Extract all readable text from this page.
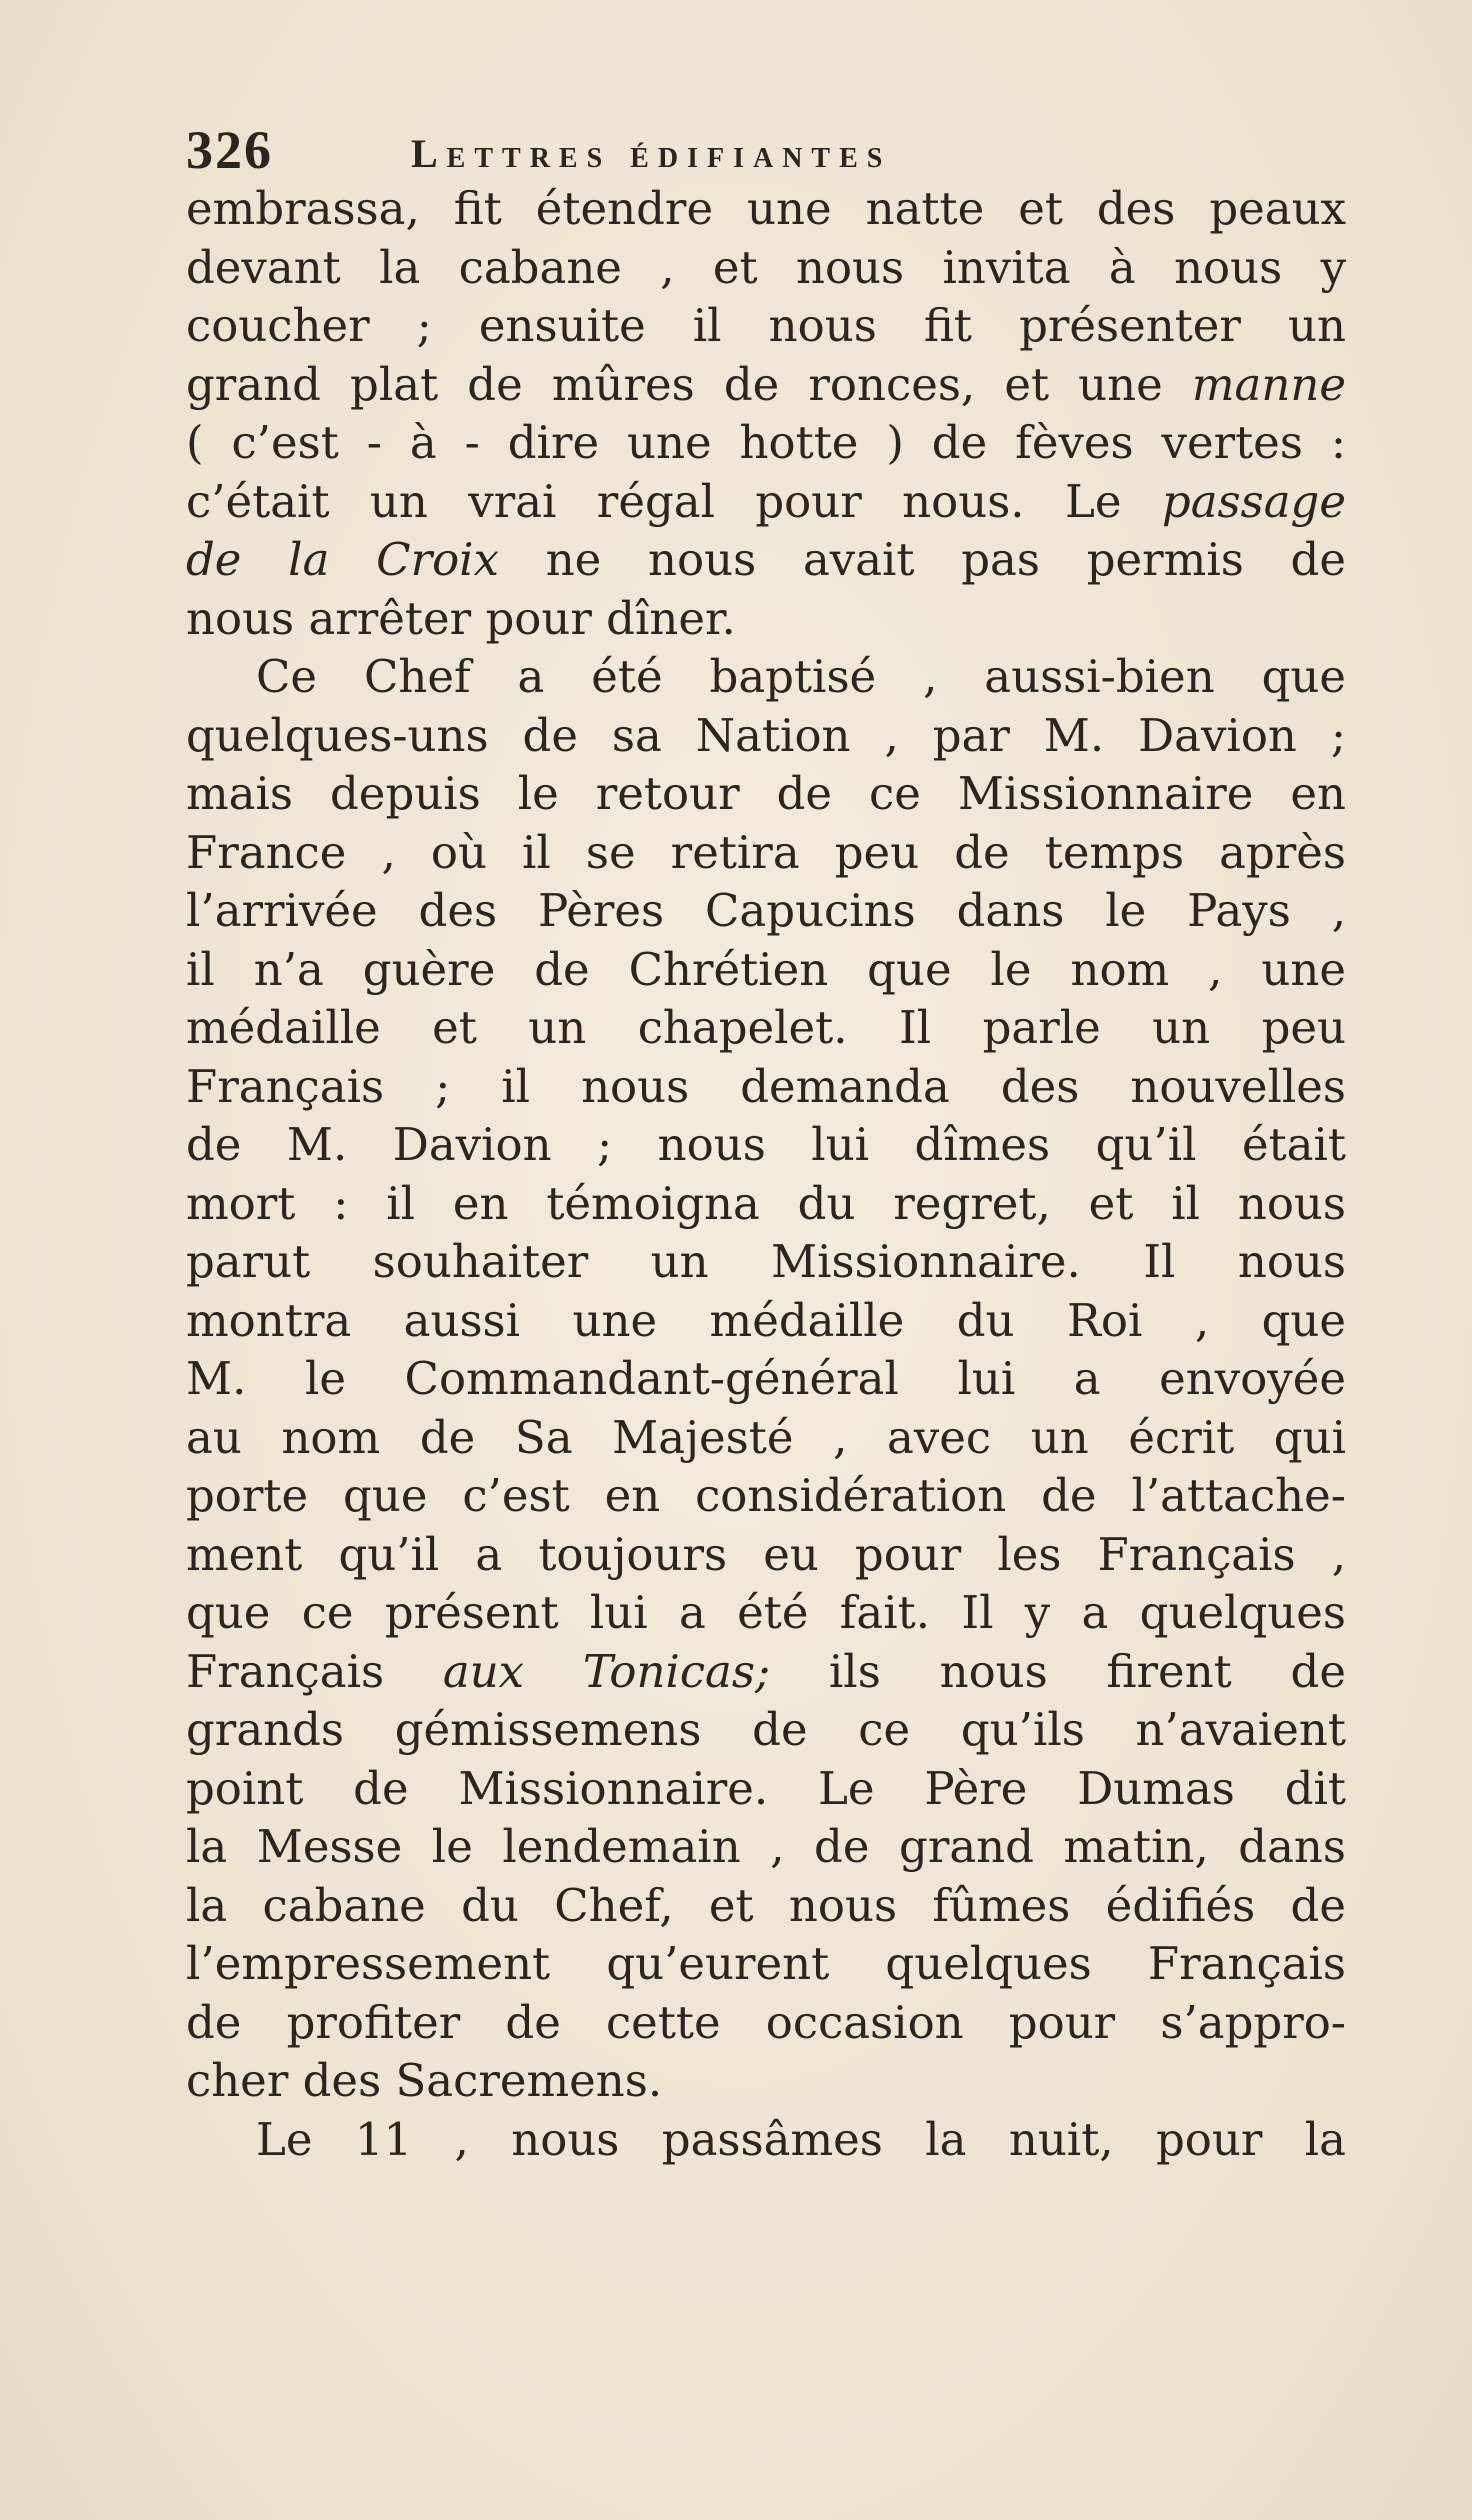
326	Lettres édifiantes
embrassa, fit étendre une natte et des peaux
devant la cabane , et nous invita à nous y
coucher ; ensuite il nous fit présenter un
grand plat de mûres de ronces, et une manne
( c’est - à - dire une hotte ) de fèves vertes :
c’était un vrai régal pour nous. Le passage
de la Croix ne nous avait pas permis de
nous arrêter pour dîner.
Ce Chef a été baptisé , aussi-bien que
quelques-uns de sa Nation , par M. Davion ;
mais depuis le retour de ce Missionnaire en
France , où il se retira peu de temps après
l’arrivée des Pères Capucins dans le Pays ,
il n’a guère de Chrétien que le nom , une
médaille et un chapelet. Il parle un peu
Français ; il nous demanda des nouvelles
de M. Davion ; nous lui dîmes qu’il était
mort : il en témoigna du regret, et il nous
parut souhaiter un Missionnaire. Il nous
montra aussi une médaille du Roi , que
M. le Commandant-général lui a envoyée
au nom de Sa Majesté , avec un écrit qui
porte que c’est en considération de l’attache-
ment qu’il a toujours eu pour les Français ,
que ce présent lui a été fait. Il y a quelques
Français aux Tonicas; ils nous firent de
grands gémissemens de ce qu’ils n’avaient
point de Missionnaire. Le Père Dumas dit
la Messe le lendemain , de grand matin, dans
la cabane du Chef, et nous fûmes édifiés de
l’empressement qu’eurent quelques Français
de profiter de cette occasion pour s’appro-
cher des Sacremens.
Le 11 , nous passâmes la nuit, pour la
